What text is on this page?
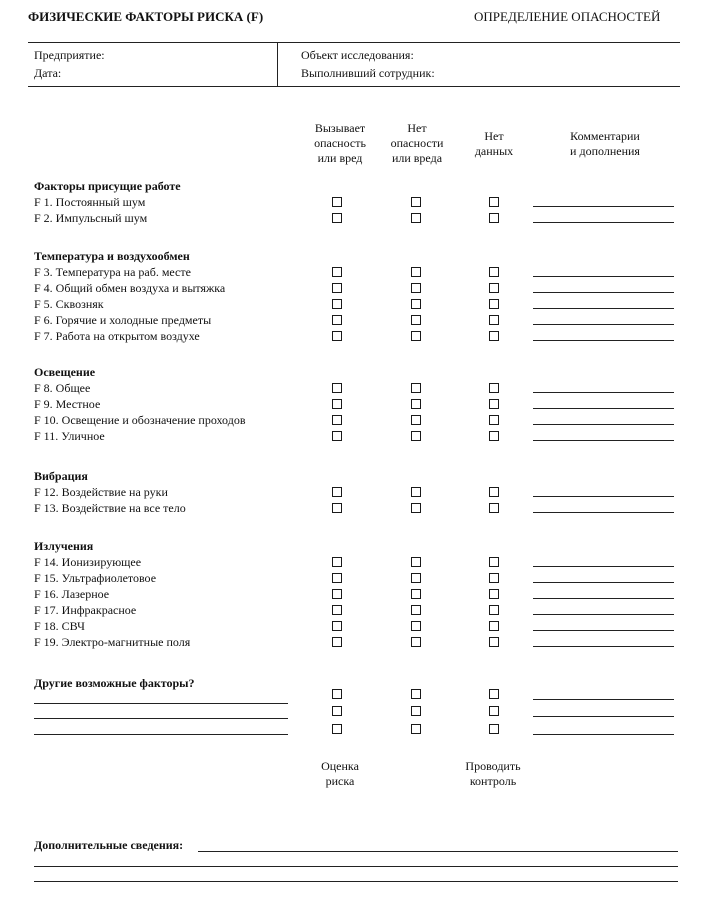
ФИЗИЧЕСКИЕ ФАКТОРЫ РИСКА (F)	ОПРЕДЕЛЕНИЕ ОПАСНОСТЕЙ
Предприятие:
Дата:
Объект исследования:
Выполнивший сотрудник:
Вызывает
опасность
или вред
Нет
опасности
или вреда
Нет
данных
Комментарии
и дополнения
Факторы присущие работе
F 1. Постоянный шум
F 2. Импульсный шум
Температура и воздухообмен
F 3. Температура на раб. месте
F 4. Общий обмен воздуха и вытяжка
F 5. Сквозняк
F 6. Горячие и холодные предметы
F 7. Работа на открытом воздухе
Освещение
F 8. Общее
F 9. Местное
F 10. Освещение и обозначение проходов
F 11. Уличное
Вибрация
F 12. Воздействие на руки
F 13. Воздействие на все тело
Излучения
F 14. Ионизирующее
F 15. Ультрафиолетовое
F 16. Лазерное
F 17. Инфракрасное
F 18. СВЧ
F 19. Электро-магнитные поля
Другие возможные факторы?
Оценка
риска
Проводить
контроль
Дополнительные сведения:
